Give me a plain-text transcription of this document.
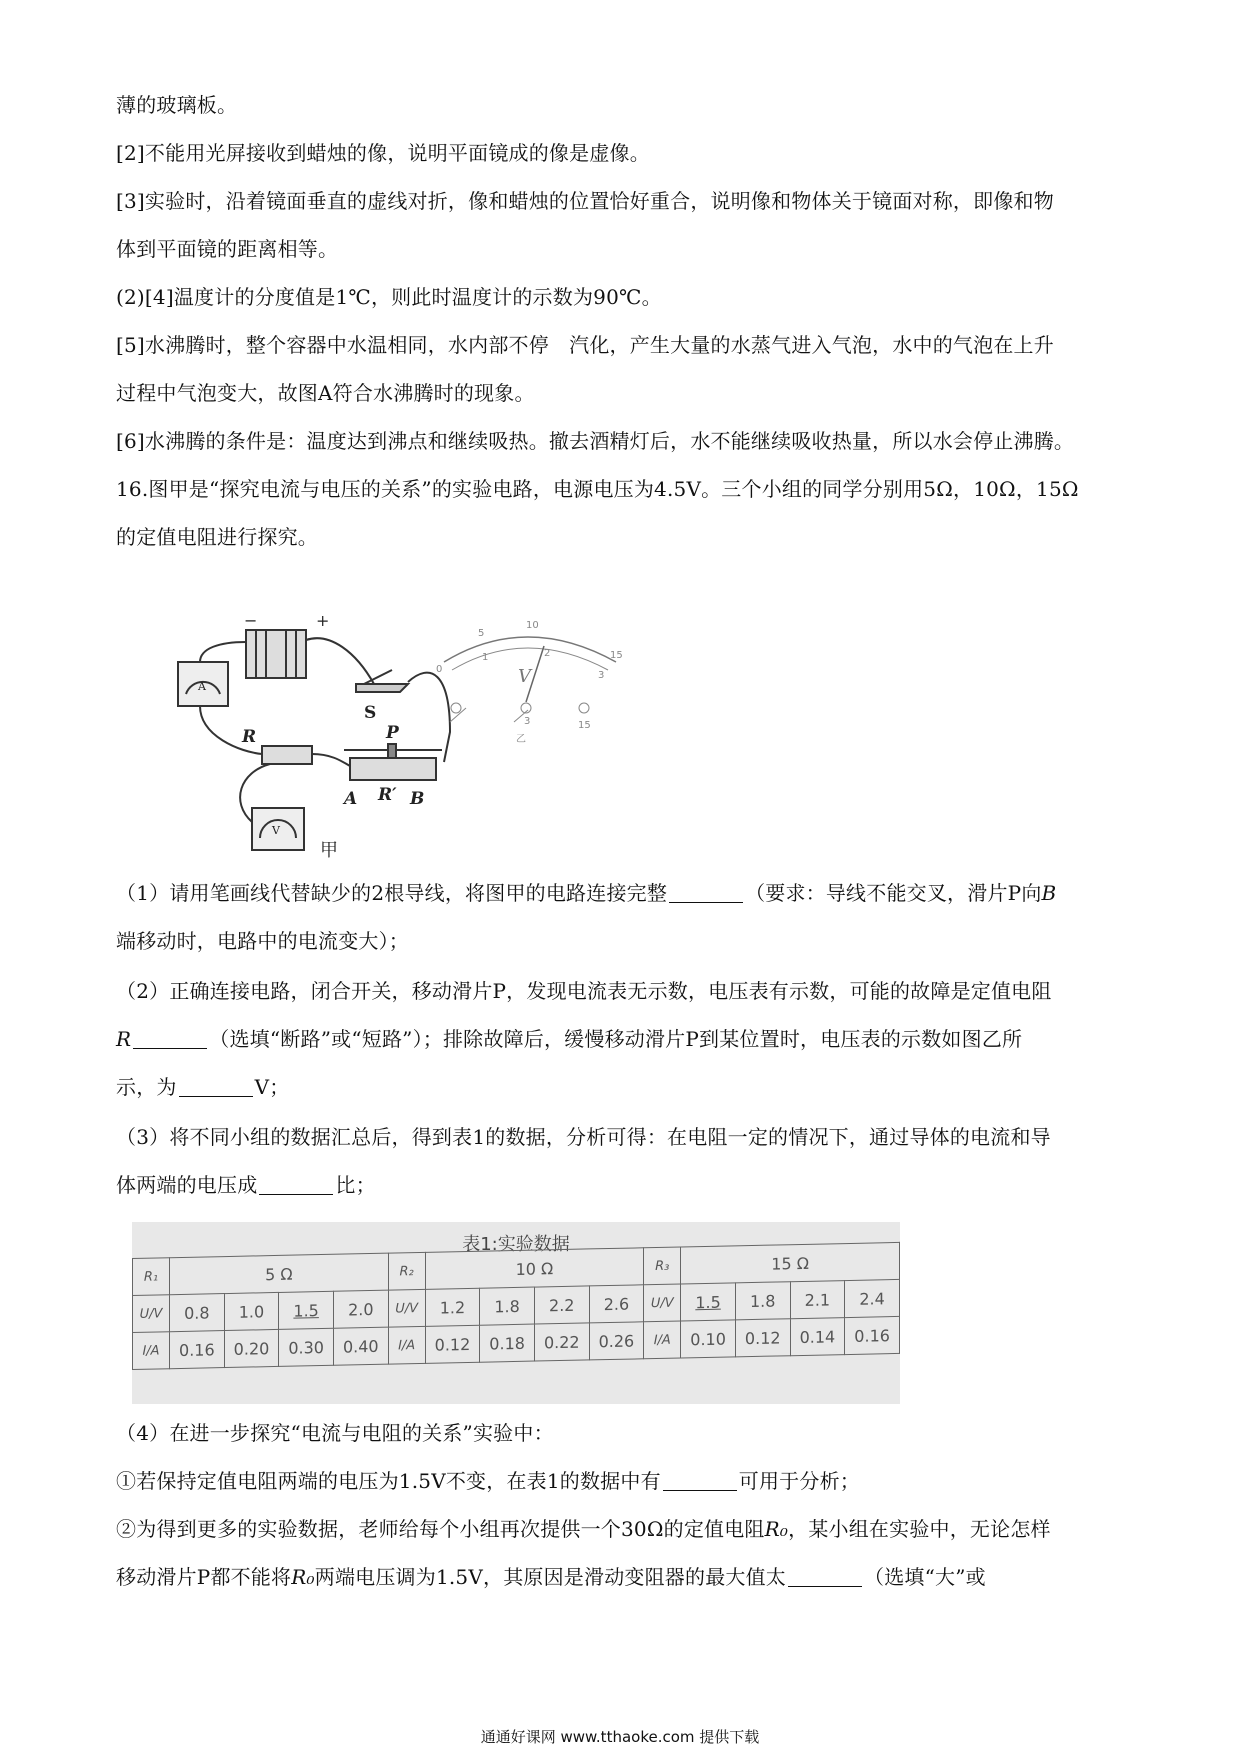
薄的玻璃板。
[2]不能用光屏接收到蜡烛的像，说明平面镜成的像是虚像。
[3]实验时，沿着镜面垂直的虚线对折，像和蜡烛的位置恰好重合，说明像和物体关于镜面对称，即像和物
体到平面镜的距离相等。
(2)[4]温度计的分度值是1℃，则此时温度计的示数为90℃。
[5]水沸腾时，整个容器中水温相同，水内部不停　汽化，产生大量的水蒸气进入气泡，水中的气泡在上升
过程中气泡变大，故图A符合水沸腾时的现象。
[6]水沸腾的条件是：温度达到沸点和继续吸热。撤去酒精灯后，水不能继续吸收热量，所以水会停止沸腾。
16.图甲是“探究电流与电压的关系”的实验电路，电源电压为4.5V。三个小组的同学分别用5Ω，10Ω，15Ω
的定值电阻进行探究。
−	+
A
R
V
S
P
A R′ B
甲
0
5
10
15
1	2
3
3	15
乙
V
（1）请用笔画线代替缺少的2根导线，将图甲的电路连接完整	（要求：导线不能交叉，滑片P向B
端移动时，电路中的电流变大）；
（2）正确连接电路，闭合开关，移动滑片P，发现电流表无示数，电压表有示数，可能的故障是定值电阻
R	（选填“断路”或“短路”）；排除故障后，缓慢移动滑片P到某位置时，电压表的示数如图乙所
示，为	V；
（3）将不同小组的数据汇总后，得到表1的数据，分析可得：在电阻一定的情况下，通过导体的电流和导
体两端的电压成	比；
表1:实验数据
R₁	5 Ω				R₂	10 Ω				R₃	15 Ω			
U/V	0.8	1.0	1.5	2.0	U/V	1.2	1.8	2.2	2.6	U/V	1.5	1.8	2.1	2.4
I/A	0.16	0.20	0.30	0.40	I/A	0.12	0.18	0.22	0.26	I/A	0.10	0.12	0.14	0.16
（4）在进一步探究“电流与电阻的关系”实验中：
①若保持定值电阻两端的电压为1.5V不变，在表1的数据中有	可用于分析；
②为得到更多的实验数据，老师给每个小组再次提供一个30Ω的定值电阻R₀，某小组在实验中，无论怎样
移动滑片P都不能将R₀两端电压调为1.5V，其原因是滑动变阻器的最大值太	（选填“大”或
通通好课网 www.tthaoke.com 提供下载
